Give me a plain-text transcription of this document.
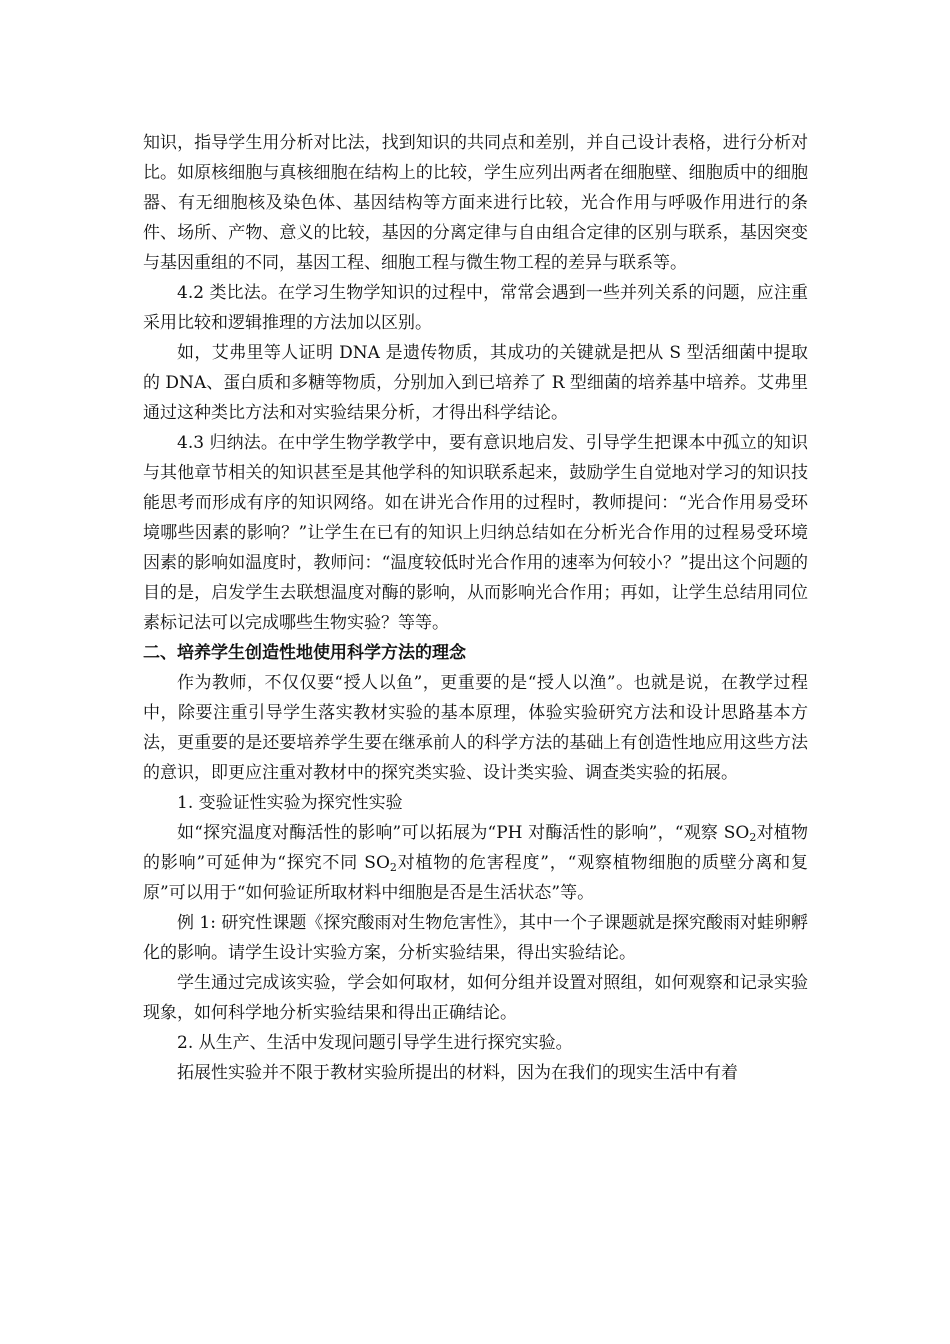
知识，指导学生用分析对比法，找到知识的共同点和差别，并自己设计表格，进行分析对比。如原核细胞与真核细胞在结构上的比较，学生应列出两者在细胞壁、细胞质中的细胞器、有无细胞核及染色体、基因结构等方面来进行比较，光合作用与呼吸作用进行的条件、场所、产物、意义的比较，基因的分离定律与自由组合定律的区别与联系，基因突变与基因重组的不同，基因工程、细胞工程与微生物工程的差异与联系等。

4.2 类比法。在学习生物学知识的过程中，常常会遇到一些并列关系的问题，应注重采用比较和逻辑推理的方法加以区别。

如，艾弗里等人证明 DNA 是遗传物质，其成功的关键就是把从 S 型活细菌中提取的 DNA、蛋白质和多糖等物质，分别加入到已培养了 R 型细菌的培养基中培养。艾弗里通过这种类比方法和对实验结果分析，才得出科学结论。

4.3 归纳法。在中学生物学教学中，要有意识地启发、引导学生把课本中孤立的知识与其他章节相关的知识甚至是其他学科的知识联系起来，鼓励学生自觉地对学习的知识技能思考而形成有序的知识网络。如在讲光合作用的过程时，教师提问：“光合作用易受环境哪些因素的影响？”让学生在已有的知识上归纳总结如在分析光合作用的过程易受环境因素的影响如温度时，教师问：“温度较低时光合作用的速率为何较小？”提出这个问题的目的是，启发学生去联想温度对酶的影响，从而影响光合作用；再如，让学生总结用同位素标记法可以完成哪些生物实验？等等。

二、培养学生创造性地使用科学方法的理念

作为教师，不仅仅要“授人以鱼”，更重要的是“授人以渔”。也就是说，在教学过程中，除要注重引导学生落实教材实验的基本原理，体验实验研究方法和设计思路基本方法，更重要的是还要培养学生要在继承前人的科学方法的基础上有创造性地应用这些方法的意识，即更应注重对教材中的探究类实验、设计类实验、调查类实验的拓展。

1. 变验证性实验为探究性实验

如“探究温度对酶活性的影响”可以拓展为“PH 对酶活性的影响”，“观察 $SO_2$对植物的影响”可延伸为“探究不同 $SO_2$对植物的危害程度”，“观察植物细胞的质壁分离和复原”可以用于“如何验证所取材料中细胞是否是生活状态”等。

例 1: 研究性课题《探究酸雨对生物危害性》，其中一个子课题就是探究酸雨对蛙卵孵化的影响。请学生设计实验方案，分析实验结果，得出实验结论。

学生通过完成该实验，学会如何取材，如何分组并设置对照组，如何观察和记录实验现象，如何科学地分析实验结果和得出正确结论。

2. 从生产、生活中发现问题引导学生进行探究实验。

拓展性实验并不限于教材实验所提出的材料，因为在我们的现实生活中有着
